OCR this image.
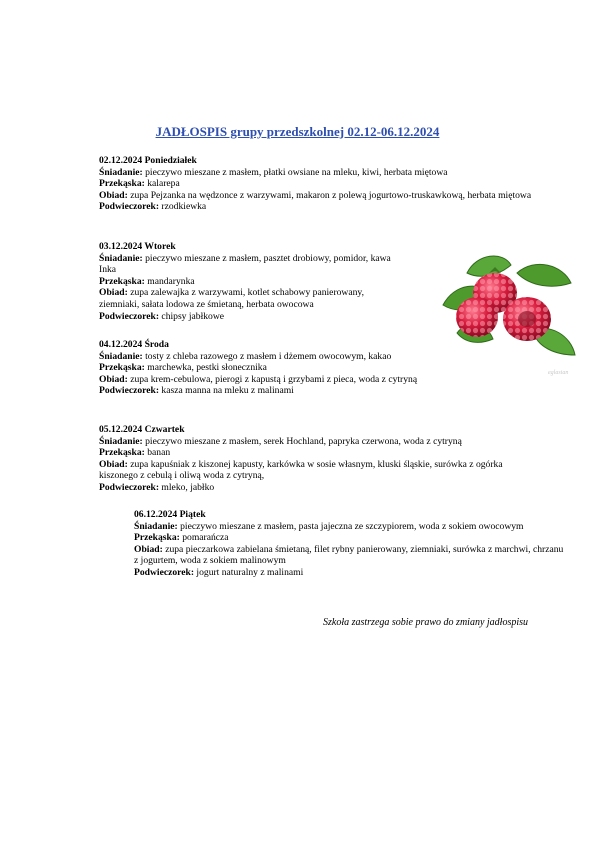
JADŁOSPIS grupy przedszkolnej 02.12-06.12.2024
02.12.2024 Poniedziałek
Śniadanie: pieczywo mieszane z masłem, płatki owsiane na mleku, kiwi, herbata miętowa
Przekąska: kalarepa
Obiad: zupa Pejzanka na wędzonce z warzywami, makaron z polewą jogurtowo-truskawkową, herbata miętowa
Podwieczorek: rzodkiewka
03.12.2024 Wtorek
Śniadanie: pieczywo mieszane z masłem, pasztet drobiowy, pomidor, kawa Inka
Przekąska: mandarynka
Obiad: zupa zalewajka z warzywami, kotlet schabowy panierowany, ziemniaki, sałata lodowa ze śmietaną, herbata owocowa
Podwieczorek: chipsy jabłkowe
04.12.2024 Środa
Śniadanie: tosty z chleba razowego z masłem i dżemem owocowym, kakao
Przekąska: marchewka, pestki słonecznika
Obiad: zupa krem-cebulowa, pierogi z kapustą i grzybami z pieca, woda z cytryną
Podwieczorek: kasza manna na mleku z malinami
05.12.2024 Czwartek
Śniadanie: pieczywo mieszane z masłem, serek Hochland, papryka czerwona, woda z cytryną
Przekąska: banan
Obiad: zupa kapuśniak z kiszonej kapusty, karkówka w sosie własnym, kluski śląskie, surówka z ogórka kiszonego z cebulą i oliwą woda z cytryną,
Podwieczorek: mleko, jabłko
06.12.2024 Piątek
Śniadanie: pieczywo mieszane z masłem, pasta jajeczna ze szczypiorem, woda z sokiem owocowym
Przekąska: pomarańcza
Obiad: zupa pieczarkowa zabielana śmietaną, filet rybny panierowany, ziemniaki, surówka z marchwi, chrzanu z jogurtem, woda z sokiem malinowym
Podwieczorek: jogurt naturalny z malinami
eglasian
Szkoła zastrzega sobie prawo do zmiany jadłospisu
